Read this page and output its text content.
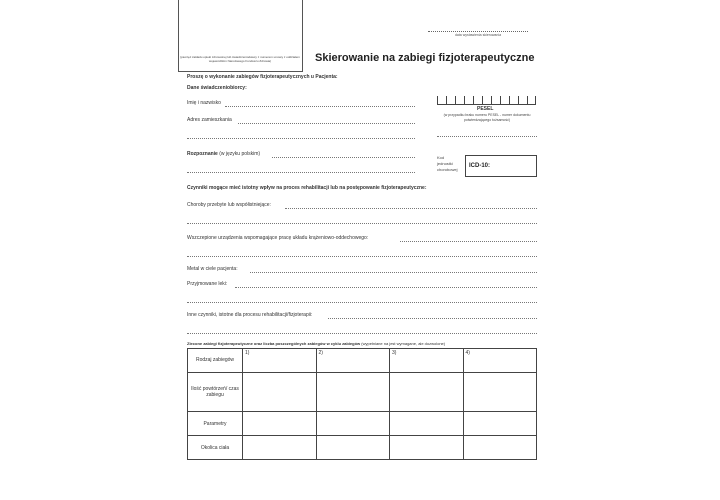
(pieczęć zakładu opieki zdrowotnej lub świadczeniodawcy z numerem umowy z oddziałem wojewódzkim Narodowego Funduszu Zdrowia)
data wystawienia skierowania
Skierowanie na zabiegi fizjoterapeutyczne
Proszę o wykonanie zabiegów fizjoterapeutycznych u Pacjenta:
Dane świadczeniobiorcy:
Imię i nazwisko
Adres zamieszkania
PESEL
(w przypadku braku numeru PESEL - numer dokumentu potwierdzającego tożsamość)
Rozpoznanie (w języku polskim)
Kod
jednostki
chorobowej
ICD-10:
Czynniki mogące mieć istotny wpływ na proces rehabilitacji lub na postępowanie fizjoterapeutyczne:
Choroby przebyte lub współistniejące:
Wszczepione urządzenia wspomagające pracę układu krążeniowo-oddechowego:
Metal w ciele pacjenta:
Przyjmowane leki:
Inne czynniki, istotne dla procesu rehabilitacji/fizjoterapii:
Zlecone zabiegi fizjoterapeutyczne oraz liczba poszczególnych zabiegów w cyklu zabiegów (wypełniane na jest wymagane, ale dozwolone)
Rodzaj zabiegów	1)	2)	3)	4)
Ilość powtórzeń/ czas zabiegu				
Parametry				
Okolica ciała				
